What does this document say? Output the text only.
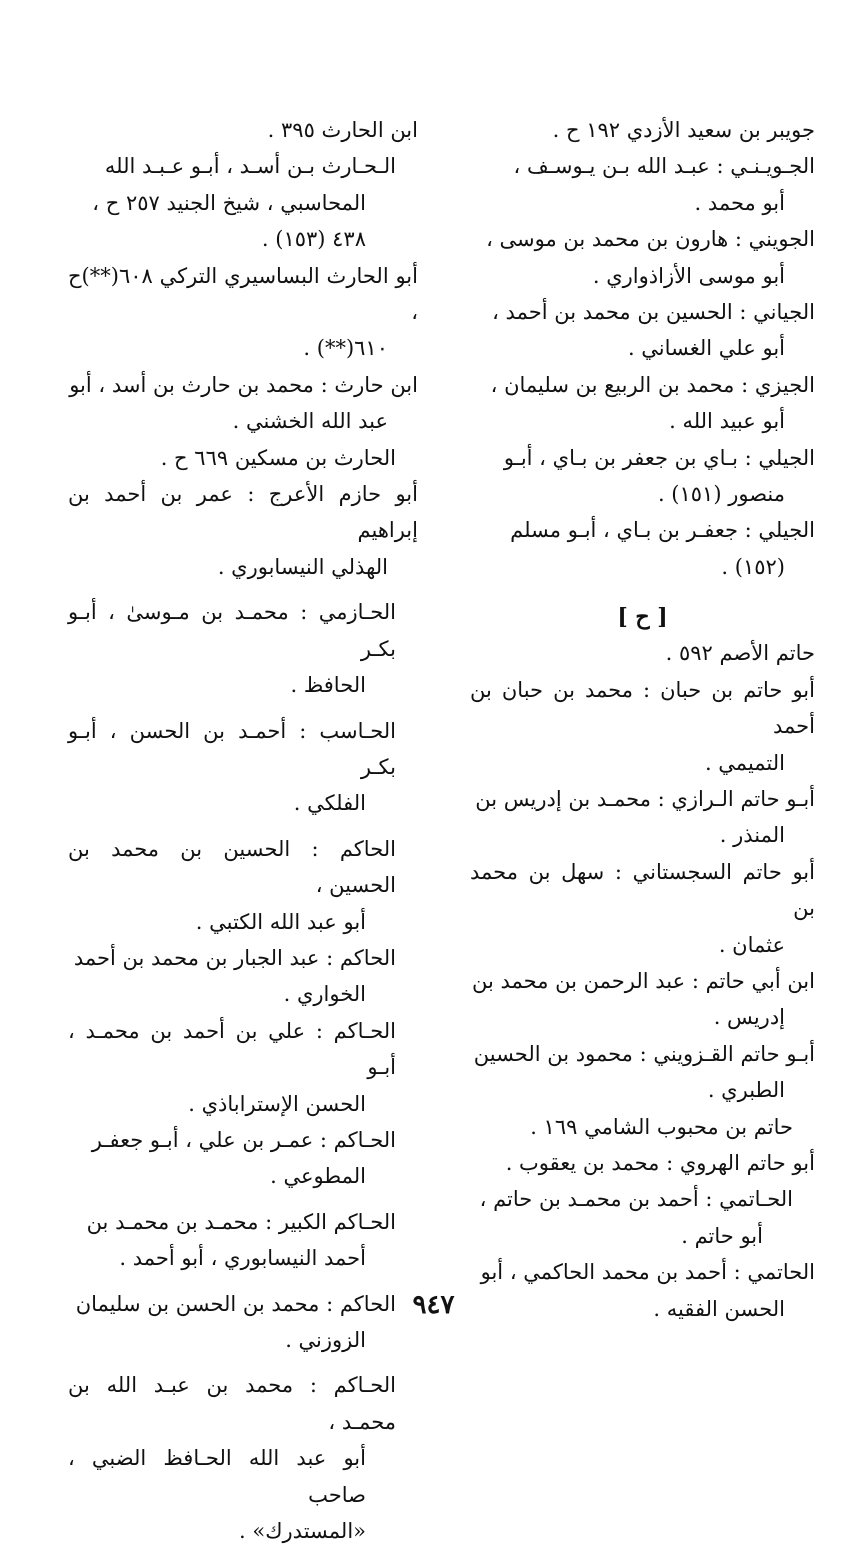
جويبر بن سعيد الأزدي ١٩٢ ح .
الجـويـنـي : عبـد الله بـن يـوسـف ،
أبو محمد .
الجويني : هارون بن محمد بن موسى ،
أبو موسى الأزاذواري .
الجياني : الحسين بن محمد بن أحمد ،
أبو علي الغساني .
الجيزي : محمد بن الربيع بن سليمان ،
أبو عبيد الله .
الجيلي : بـاي بن جعفر بن بـاي ، أبـو
منصور (١٥١) .
الجيلي : جعفـر بن بـاي ، أبـو مسلم
(١٥٢) .
[ ح ]
حاتم الأصم ٥٩٢ .
أبو حاتم بن حبان : محمد بن حبان بن أحمد
التميمي .
أبـو حاتم الـرازي : محمـد بن إدريس بن
المنذر .
أبو حاتم السجستاني : سهل بن محمد بن
عثمان .
ابن أبي حاتم : عبد الرحمن بن محمد بن
إدريس .
أبـو حاتم القـزويني : محمود بن الحسين
الطبري .
حاتم بن محبوب الشامي ١٦٩ .
أبو حاتم الهروي : محمد بن يعقوب .
الحـاتمي : أحمد بن محمـد بن حاتم ،
أبو حاتم .
الحاتمي : أحمد بن محمد الحاكمي ، أبو
الحسن الفقيه .
ابن الحارث ٣٩٥ .
الـحـارث بـن أسـد ، أبـو عـبـد الله
المحاسبي ، شيخ الجنيد ٢٥٧ ح ،
٤٣٨ (١٥٣) .
أبو الحارث البساسيري التركي ٦٠٨(**)ح ،
٦١٠(**) .
ابن حارث : محمد بن حارث بن أسد ، أبو
عبد الله الخشني .
الحارث بن مسكين ٦٦٩ ح .
أبو حازم الأعرج : عمر بن أحمد بن إبراهيم
الهذلي النيسابوري .
الحـازمي : محمـد بن مـوسىٰ ، أبـو بكـر
الحافظ .
الحـاسب : أحمـد بن الحسن ، أبـو بكـر
الفلكي .
الحاكم : الحسين بن محمد بن الحسين ،
أبو عبد الله الكتبي .
الحاكم : عبد الجبار بن محمد بن أحمد
الخواري .
الحـاكم : علي بن أحمد بن محمـد ، أبـو
الحسن الإستراباذي .
الحـاكم : عمـر بن علي ، أبـو جعفـر
المطوعي .
الحـاكم الكبير : محمـد بن محمـد بن
أحمد النيسابوري ، أبو أحمد .
الحاكم : محمد بن الحسن بن سليمان
الزوزني .
الحـاكم : محمد بن عبـد الله بن محمـد ،
أبو عبد الله الحـافظ الضبي ، صاحب
«المستدرك» .
٩٤٧
